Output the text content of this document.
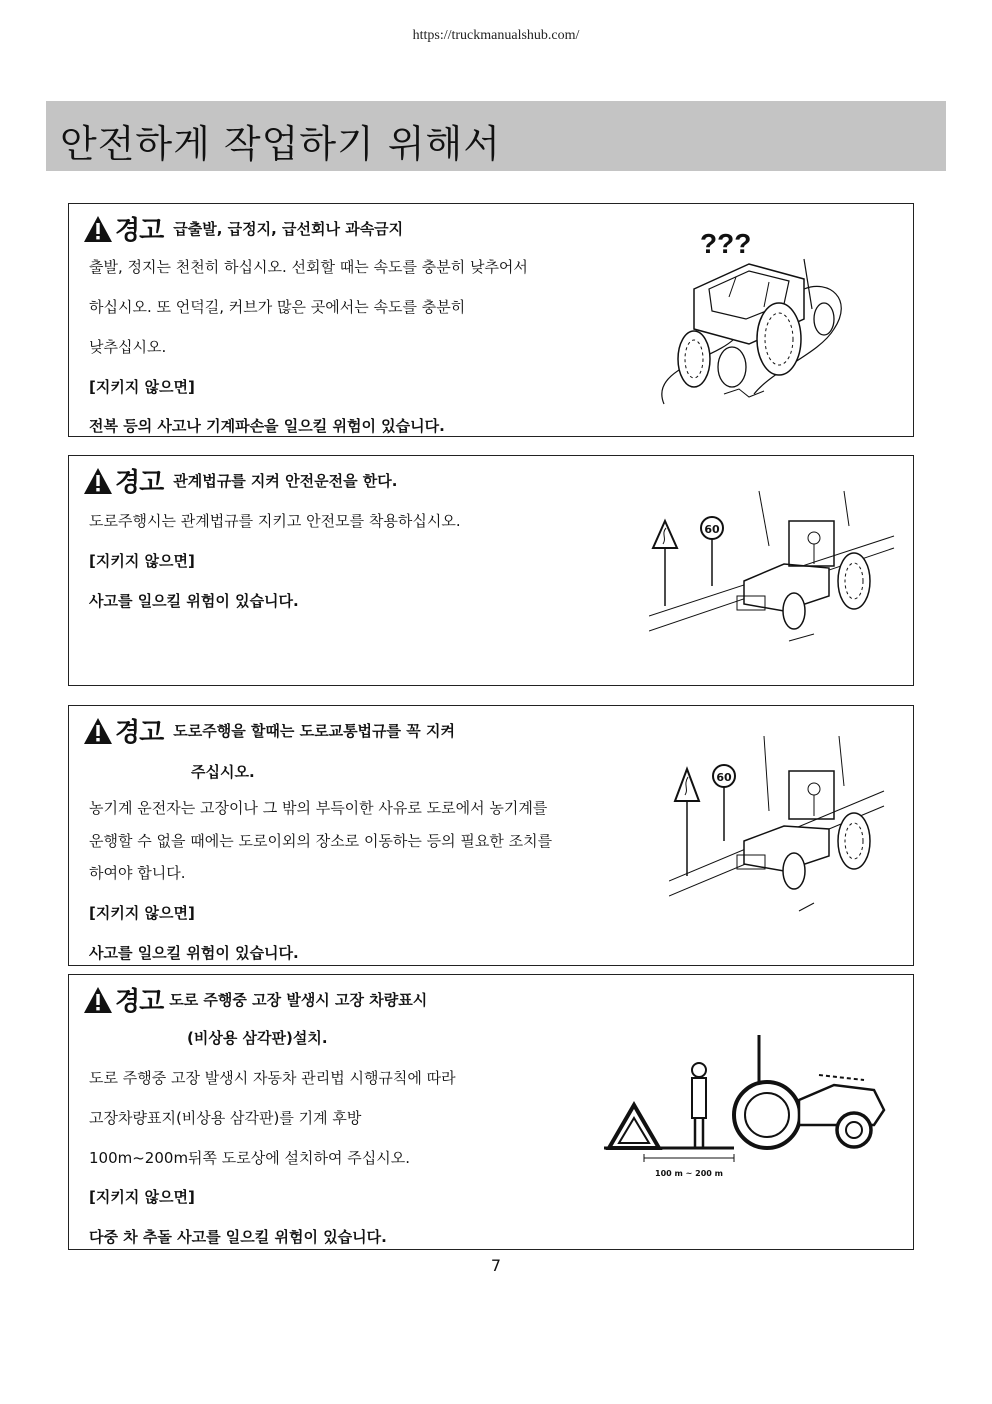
https://truckmanualshub.com/
안전하게 작업하기 위해서
경고 급출발, 급정지, 급선회나 과속금지
출발, 정지는 천천히 하십시오. 선회할 때는 속도를 충분히 낮추어서
하십시오. 또 언덕길, 커브가 많은 곳에서는 속도를 충분히
낮추십시오.
[지키지 않으면]
전복 등의 사고나 기계파손을 일으킬 위험이 있습니다.
???
경고 관계법규를 지켜 안전운전을 한다.
도로주행시는 관계법규를 지키고 안전모를 착용하십시오.
[지키지 않으면]
사고를 일으킬 위험이 있습니다.
60
경고 도로주행을 할때는 도로교통법규를 꼭 지켜
주십시오.
농기계 운전자는 고장이나 그 밖의 부득이한 사유로 도로에서 농기계를
운행할 수 없을 때에는 도로이외의 장소로 이동하는 등의 필요한 조치를
하여야 합니다.
[지키지 않으면]
사고를 일으킬 위험이 있습니다.
60
경고 도로 주행중 고장 발생시 고장 차량표시
(비상용 삼각판)설치.
도로 주행중 고장 발생시 자동차 관리법 시행규칙에 따라
고장차량표지(비상용 삼각판)를 기계 후방
100m~200m뒤쪽 도로상에 설치하여 주십시오.
[지키지 않으면]
다중 차 추돌 사고를 일으킬 위험이 있습니다.
100 m ~ 200 m
7
